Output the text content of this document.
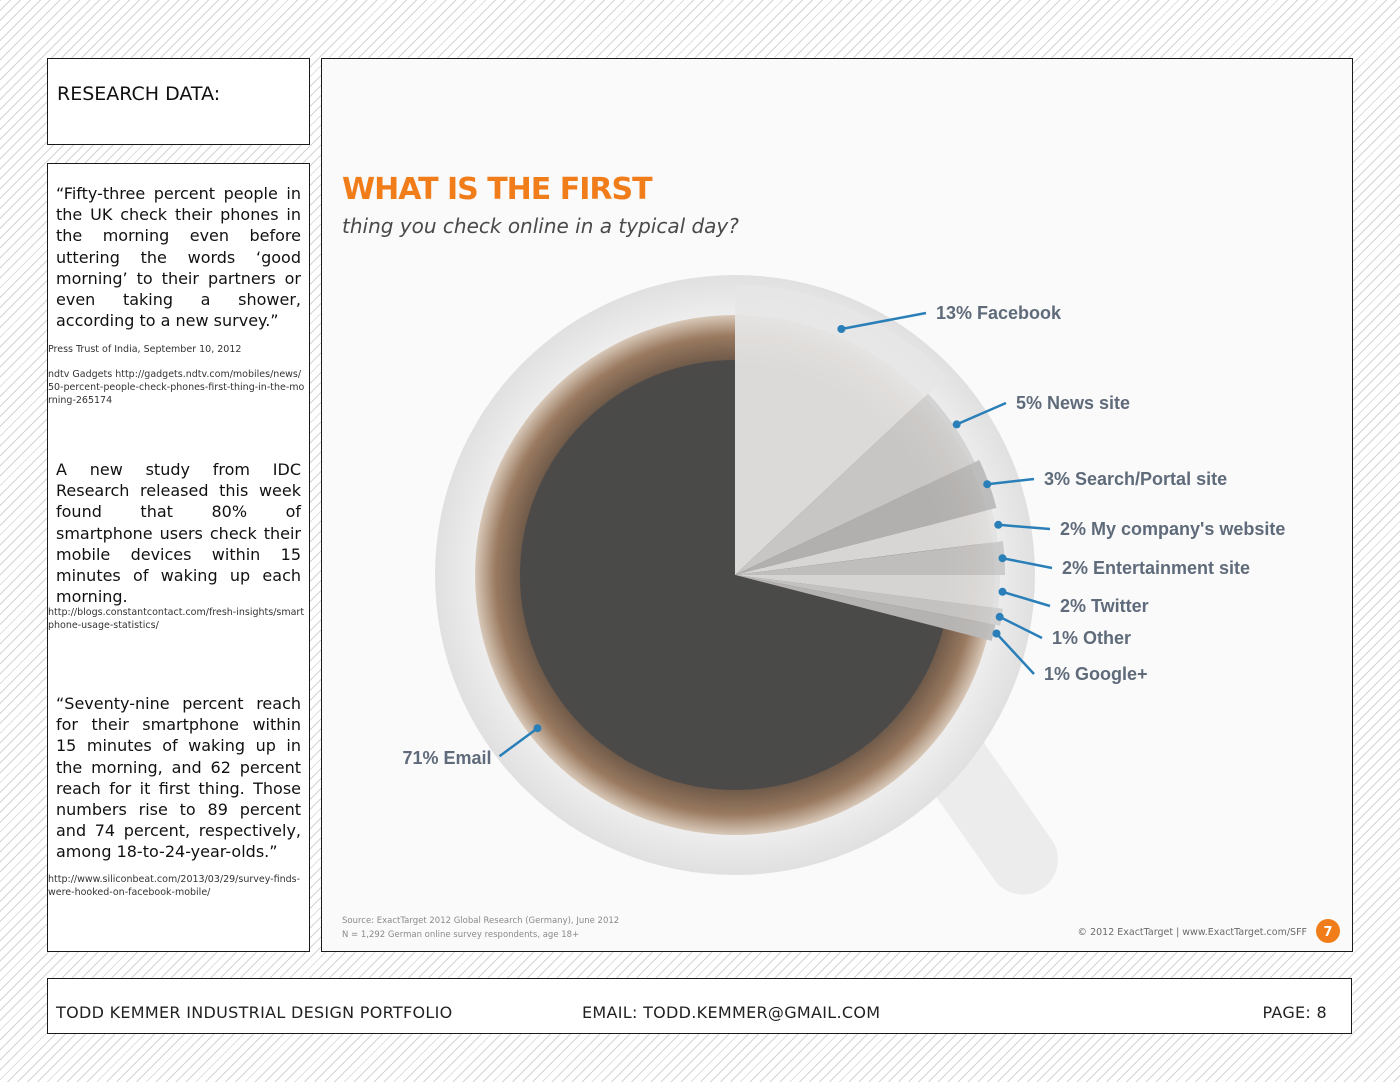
RESEARCH DATA:
“Fifty-three percent people in the UK check their phones in the morning even before uttering the words ‘good morning’ to their partners or even taking a shower, according to a new survey.”
Press Trust of India, September 10, 2012
ndtv Gadgets http://gadgets.ndtv.com/mobiles/news/50-percent-people-check-phones-first-thing-in-the-morning-265174
A new study from IDC Research released this week found that 80% of smartphone users check their mobile devices within 15 minutes of waking up each morning.
http://blogs.constantcontact.com/fresh-insights/smartphone-usage-statistics/
“Seventy-nine percent reach for their smartphone within 15 minutes of waking up in the morning, and 62 percent reach for it first thing. Those numbers rise to 89 percent and 74 percent, respectively, among 18-to-24-year-olds.”
http://www.siliconbeat.com/2013/03/29/survey-finds-were-hooked-on-facebook-mobile/
WHAT IS THE FIRST
thing you check online in a typical day?
13% Facebook
5% News site
3% Search/Portal site
2% My company's website
2% Entertainment site
2% Twitter
1% Other
1% Google+
71% Email
Source: ExactTarget 2012 Global Research (Germany), June 2012
N = 1,292 German online survey respondents, age 18+	© 2012 ExactTarget | www.ExactTarget.com/SFF 7
TODD KEMMER INDUSTRIAL DESIGN PORTFOLIO	EMAIL: TODD.KEMMER@GMAIL.COM	PAGE: 8
